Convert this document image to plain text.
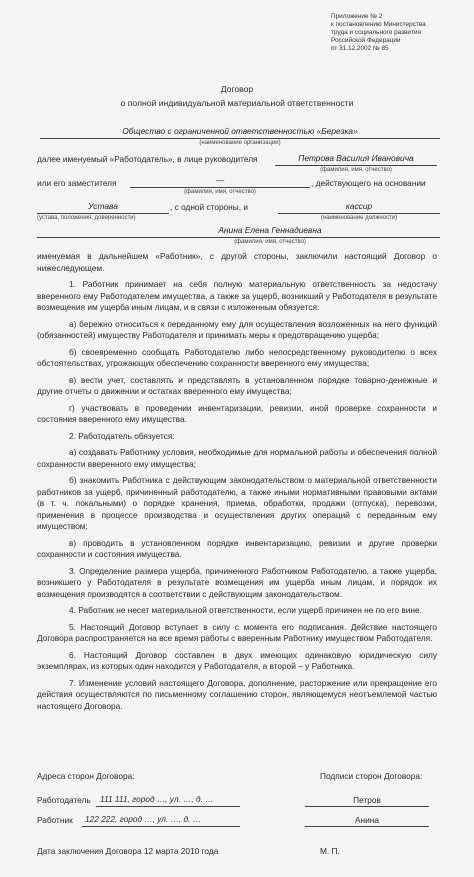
Приложение № 2
к постановлению Министерства
труда и социального развития
Российской Федерации
от 31.12.2002 № 85
Договор
о полной индивидуальной материальной ответственности
Общество с ограниченной ответственностью «Березка»
(наименование организации)
далее именуемый «Работодатель», в лице руководителя	Петрова Василия Ивановича
(фамилия, имя, отчество)
или его заместителя	—
(фамилия, имя, отчество)
, действующего на основании
Устава	, с одной стороны, и	кассир
(устава, положения, доверенности)	(наименование должности)
Анина Елена Геннадиевна
(фамилия, имя, отчество)

именуемая в дальнейшем «Работник», с другой стороны, заключили настоящий Договор о нижеследующем.

1. Работник принимает на себя полную материальную ответственность за недостачу вверенного ему Работодателем имущества, а также за ущерб, возникший у Работодателя в результате возмещения им ущерба иным лицам, и в связи с изложенным обязуется:

а) бережно относиться к переданному ему для осуществления возложенных на него функций (обязанностей) имуществу Работодателя и принимать меры к предотвращению ущерба;

б) своевременно сообщать Работодателю либо непосредственному руководителю о всех обстоятельствах, угрожающих обеспечению сохранности вверенного ему имущества;

в) вести учет, составлять и представлять в установленном порядке товарно-денежные и другие отчеты о движении и остатках вверенного ему имущества;

г) участвовать в проведении инвентаризации, ревизии, иной проверке сохранности и состояния вверенного ему имущества.

2. Работодатель обязуется:

а) создавать Работнику условия, необходимые для нормальной работы и обеспечения полной сохранности вверенного ему имущества;

б) знакомить Работника с действующим законодательством о материальной ответственности работников за ущерб, причиненный работодателю, а также иными нормативными правовыми актами (в т. ч. локальными) о порядке хранения, приема, обработки, продажи (отпуска), перевозки, применения в процессе производства и осуществления других операций с переданным ему имуществом;

в) проводить в установленном порядке инвентаризацию, ревизии и другие проверки сохранности и состояния имущества.

3. Определение размера ущерба, причиненного Работником Работодателю, а также ущерба, возникшего у Работодателя в результате возмещения им ущерба иным лицам, и порядок их возмещения производятся в соответствии с действующим законодательством.

4. Работник не несет материальной ответственности, если ущерб причинен не по его вине.

5. Настоящий Договор вступает в силу с момента его подписания. Действие настоящего Договора распространяется на все время работы с вверенным Работнику имуществом Работодателя.

6. Настоящий Договор составлен в двух имеющих одинаковую юридическую силу экземплярах, из которых один находится у Работодателя, а второй – у Работника.

7. Изменение условий настоящего Договора, дополнение, расторжение или прекращение его действия осуществляются по письменному соглашению сторон, являющемуся неотъемлемой частью настоящего Договора.

Адреса сторон Договора:	Подписи сторон Договора:
Работодатель 111 111, город …, ул. …, д. …	Петров
Работник 122 222, город …, ул. …, д. …	Анина
Дата заключения Договора 12 марта 2010 года	М. П.
